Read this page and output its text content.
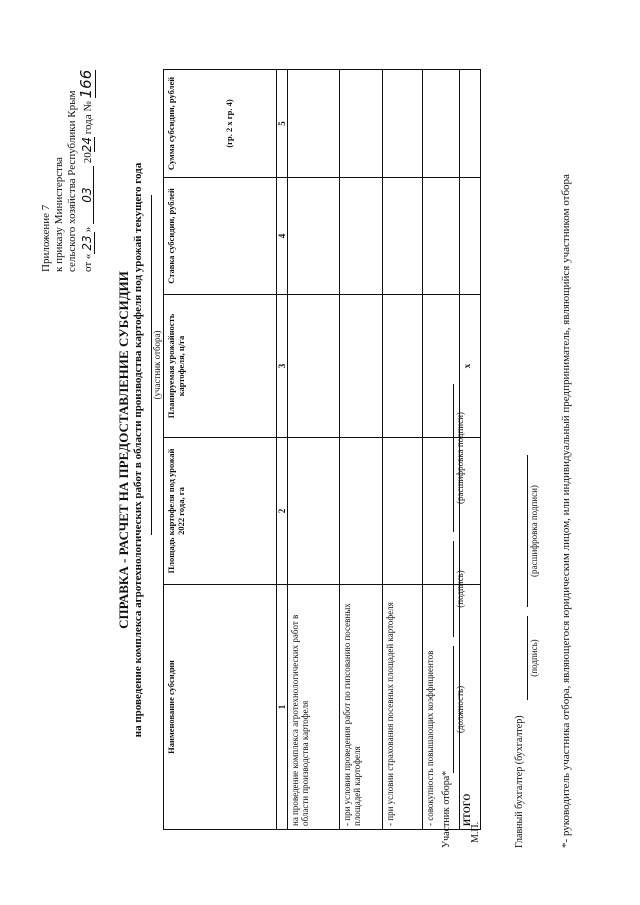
Приложение 7 к приказу Министерства сельского хозяйства Республики Крым от «23» 03 2024 года № 166
СПРАВКА - РАСЧЕТ НА ПРЕДОСТАВЛЕНИЕ СУБСИДИИ на проведение комплекса агротехнологических работ в области производства картофеля под урожай текущего года (участник отбора)
Наименование субсидии	Площадь картофеля под урожай 2022 года, га	Планируемая урожайность картофеля, ц/га	Ставка субсидии, рублей	Сумма субсидии, рублей (гр. 2 х гр. 4)

1	2	3	4	5
на проведение комплекса агротехнологических работ в области производства картофеля				
- при условии проведения работ по гипсованию посевных площадей картофеля				
- при условии страхования посевных площадей картофеля				
- совокупность повышающих коэффициентов				
ИТОГО		х		
Участник отбора*
(должность)
(подпись)
(расшифровка подписи)
М.П.	Главный бухгалтер (бухгалтер)
(подпись)
(расшифровка подписи) *- руководитель участника отбора, являющегося юридическим лицом, или индивидуальный предприниматель, являющийся участником отбора
